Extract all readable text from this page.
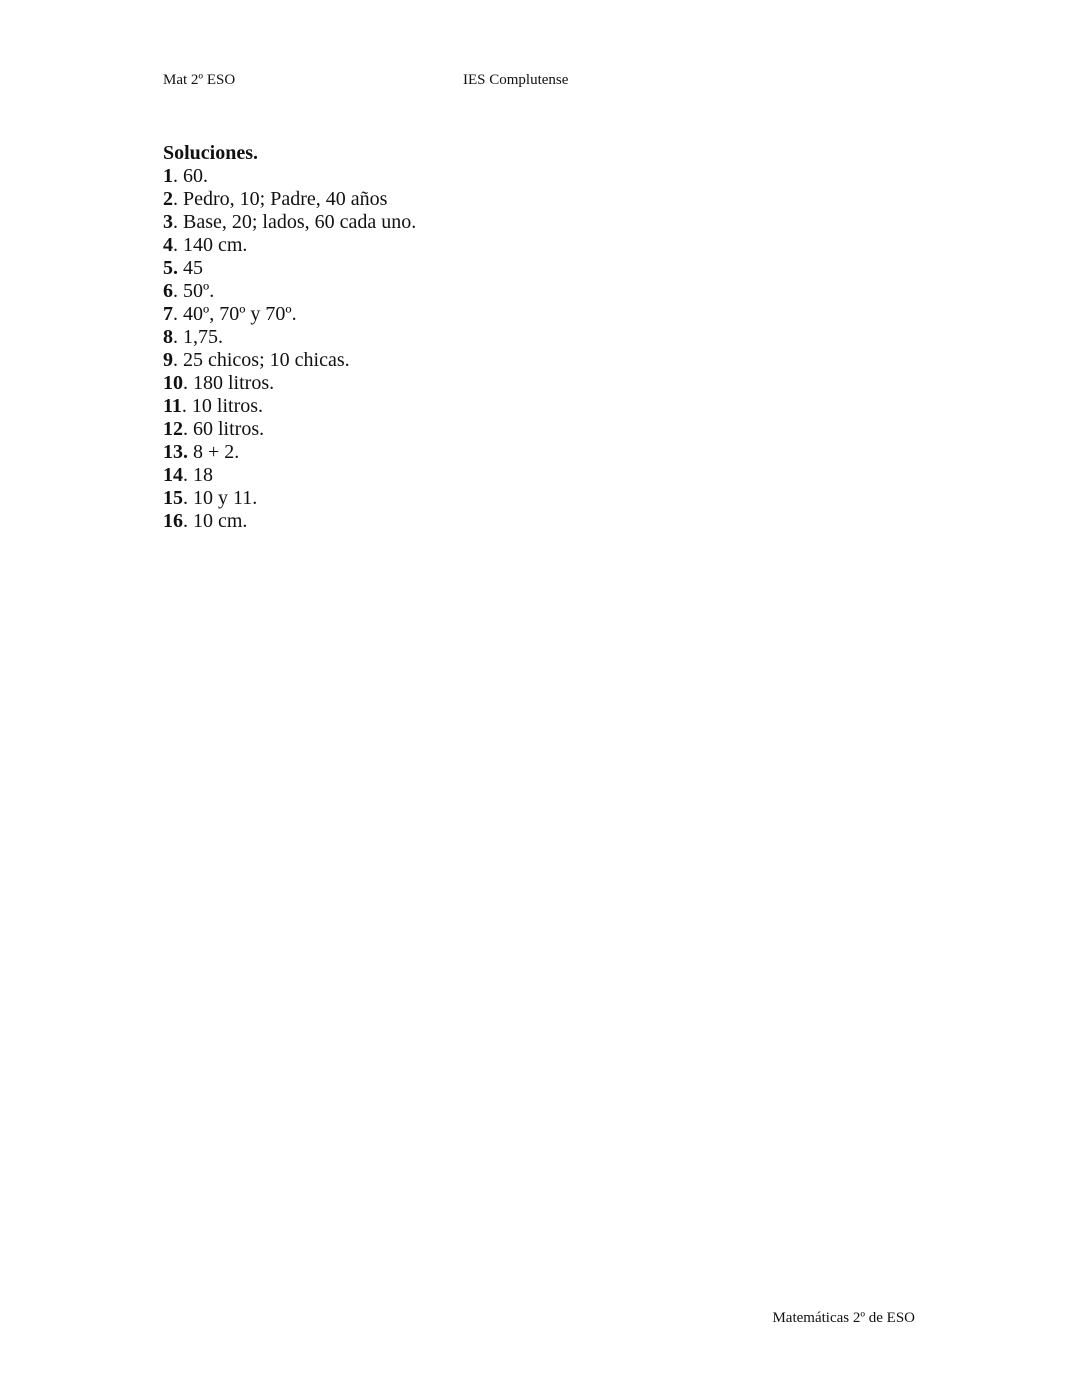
Mat 2º ESO	IES Complutense

Soluciones.

1. 60.
2. Pedro, 10; Padre, 40 años
3. Base, 20; lados, 60 cada uno.
4. 140 cm.
5. 45
6. 50º.
7. 40º, 70º y 70º.
8. 1,75.
9. 25 chicos; 10 chicas.
10. 180 litros.
11. 10 litros.
12. 60 litros.
13. 8 + 2.
14. 18
15. 10 y 11.
16. 10 cm.
Matemáticas 2º de ESO
